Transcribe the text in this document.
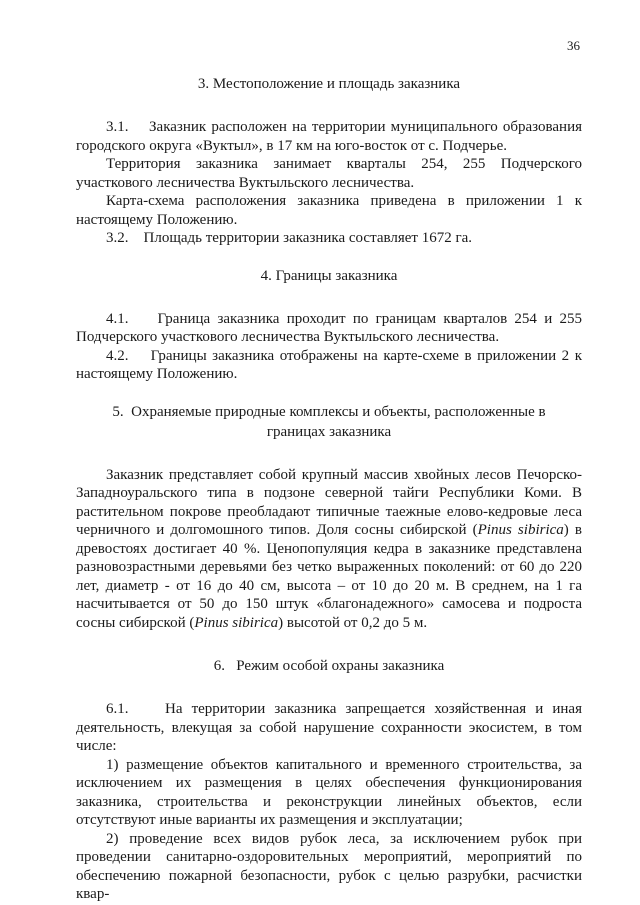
36
3. Местоположение и площадь заказника
3.1.    Заказник расположен на территории муниципального образования городского округа «Вуктыл», в 17 км на юго-восток от с. Подчерье.
Территория заказника занимает кварталы 254, 255 Подчерского участкового лесничества Вуктыльского лесничества.
Карта-схема расположения заказника приведена в приложении 1 к настоящему Положению.
3.2.    Площадь территории заказника составляет 1672 га.
4. Границы заказника
4.1.    Граница заказника проходит по границам кварталов 254 и 255 Подчерского участкового лесничества Вуктыльского лесничества.
4.2.    Границы заказника отображены на карте-схеме в приложении 2 к настоящему Положению.
5.  Охраняемые природные комплексы и объекты, расположенные в
границах заказника
Заказник представляет собой крупный массив хвойных лесов Печорско-Западноуральского типа в подзоне северной тайги Республики Коми. В растительном покрове преобладают типичные таежные елово-кедровые леса черничного и долгомошного типов. Доля сосны сибирской (Pinus sibirica) в древостоях достигает 40 %. Ценопопуляция кедра в заказнике представлена разновозрастными деревьями без четко выраженных поколений: от 60 до 220 лет, диаметр - от 16 до 40 см, высота – от 10 до 20 м. В среднем, на 1 га насчитывается от 50 до 150 штук «благонадежного» самосева и подроста сосны сибирской (Pinus sibirica) высотой от 0,2 до 5 м.
6.   Режим особой охраны заказника
6.1.    На территории заказника запрещается хозяйственная и иная деятельность, влекущая за собой нарушение сохранности экосистем, в том числе:
1) размещение объектов капитального и временного строительства, за исключением их размещения в целях обеспечения функционирования заказника, строительства и реконструкции линейных объектов, если отсутствуют иные варианты их размещения и эксплуатации;
2) проведение всех видов рубок леса, за исключением рубок при проведении санитарно-оздоровительных мероприятий, мероприятий по обеспечению пожарной безопасности, рубок с целью разрубки, расчистки квар-
